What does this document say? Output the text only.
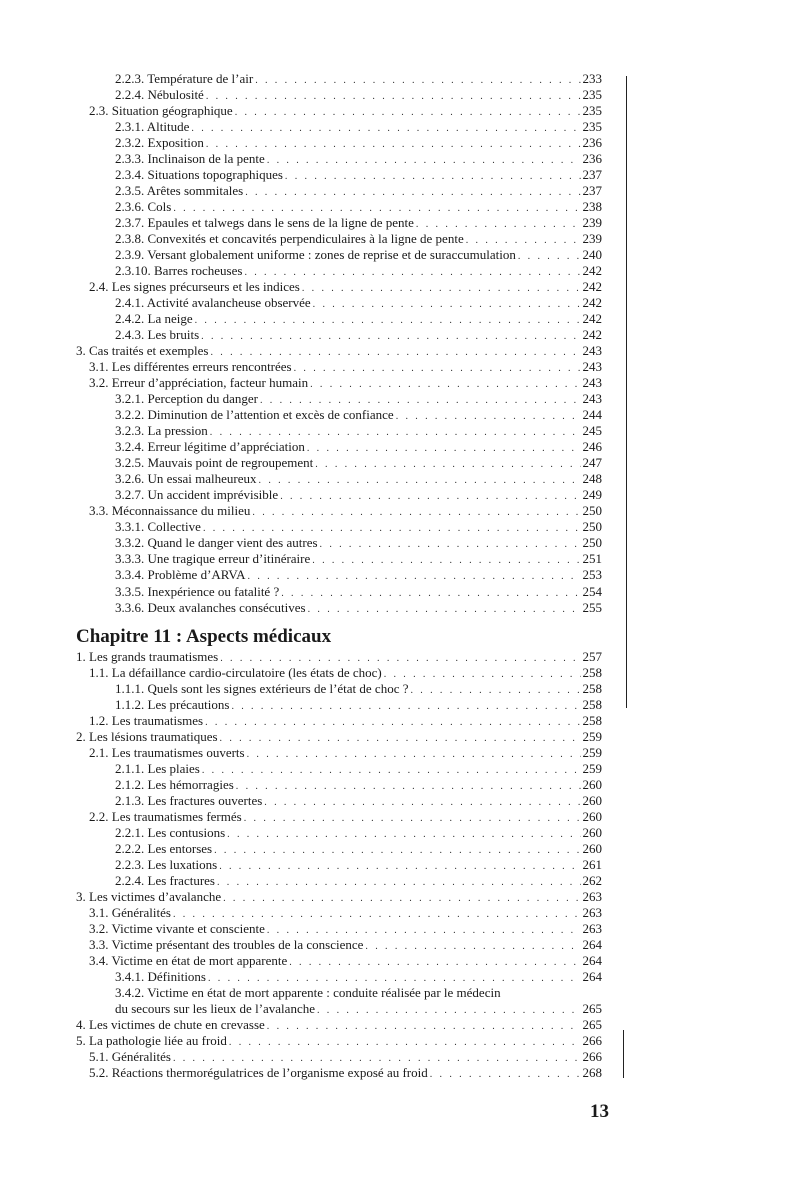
2.2.3. Température de l’air . . .	233
2.2.4. Nébulosité . . .	235
2.3. Situation géographique . . .	235
2.3.1. Altitude . . .	235
2.3.2. Exposition . . .	236
2.3.3. Inclinaison de la pente . . .	236
2.3.4. Situations topographiques . . .	237
2.3.5. Arêtes sommitales . . .	237
2.3.6. Cols . . .	238
2.3.7. Epaules et talwegs dans le sens de la ligne de pente . . .	239
2.3.8. Convexités et concavités perpendiculaires à la ligne de pente . . .	239
2.3.9. Versant globalement uniforme : zones de reprise et de suraccumulation . . .	240
2.3.10. Barres rocheuses . . .	242
2.4. Les signes précurseurs et les indices . . .	242
2.4.1. Activité avalancheuse observée . . .	242
2.4.2. La neige . . .	242
2.4.3. Les bruits . . .	242
3. Cas traités et exemples . . .	243
3.1. Les différentes erreurs rencontrées . . .	243
3.2. Erreur d’appréciation, facteur humain . . .	243
3.2.1. Perception du danger . . .	243
3.2.2. Diminution de l’attention et excès de confiance . . .	244
3.2.3. La pression . . .	245
3.2.4. Erreur légitime d’appréciation . . .	246
3.2.5. Mauvais point de regroupement . . .	247
3.2.6. Un essai malheureux . . .	248
3.2.7. Un accident imprévisible . . .	249
3.3. Méconnaissance du milieu . . .	250
3.3.1. Collective . . .	250
3.3.2. Quand le danger vient des autres . . .	250
3.3.3. Une tragique erreur d’itinéraire . . .	251
3.3.4. Problème d’ARVA . . .	253
3.3.5. Inexpérience ou fatalité ? . . .	254
3.3.6. Deux avalanches consécutives . . .	255
Chapitre 11 : Aspects médicaux
1. Les grands traumatismes . . .	257
1.1. La défaillance cardio-circulatoire (les états de choc) . . .	258
1.1.1. Quels sont les signes extérieurs de l’état de choc ? . . .	258
1.1.2. Les précautions . . .	258
1.2. Les traumatismes . . .	258
2. Les lésions traumatiques . . .	259
2.1. Les traumatismes ouverts . . .	259
2.1.1. Les plaies . . .	259
2.1.2. Les hémorragies . . .	260
2.1.3. Les fractures ouvertes . . .	260
2.2. Les traumatismes fermés . . .	260
2.2.1. Les contusions . . .	260
2.2.2. Les entorses . . .	260
2.2.3. Les luxations . . .	261
2.2.4. Les fractures . . .	262
3. Les victimes d’avalanche . . .	263
3.1. Généralités . . .	263
3.2. Victime vivante et consciente . . .	263
3.3. Victime présentant des troubles de la conscience . . .	264
3.4. Victime en état de mort apparente . . .	264
3.4.1. Définitions . . .	264
3.4.2. Victime en état de mort apparente : conduite réalisée par le médecin
du secours sur les lieux de l’avalanche . . .	265
4. Les victimes de chute en crevasse . . .	265
5. La pathologie liée au froid . . .	266
5.1. Généralités . . .	266
5.2. Réactions thermorégulatrices de l’organisme exposé au froid . . .	268
13
